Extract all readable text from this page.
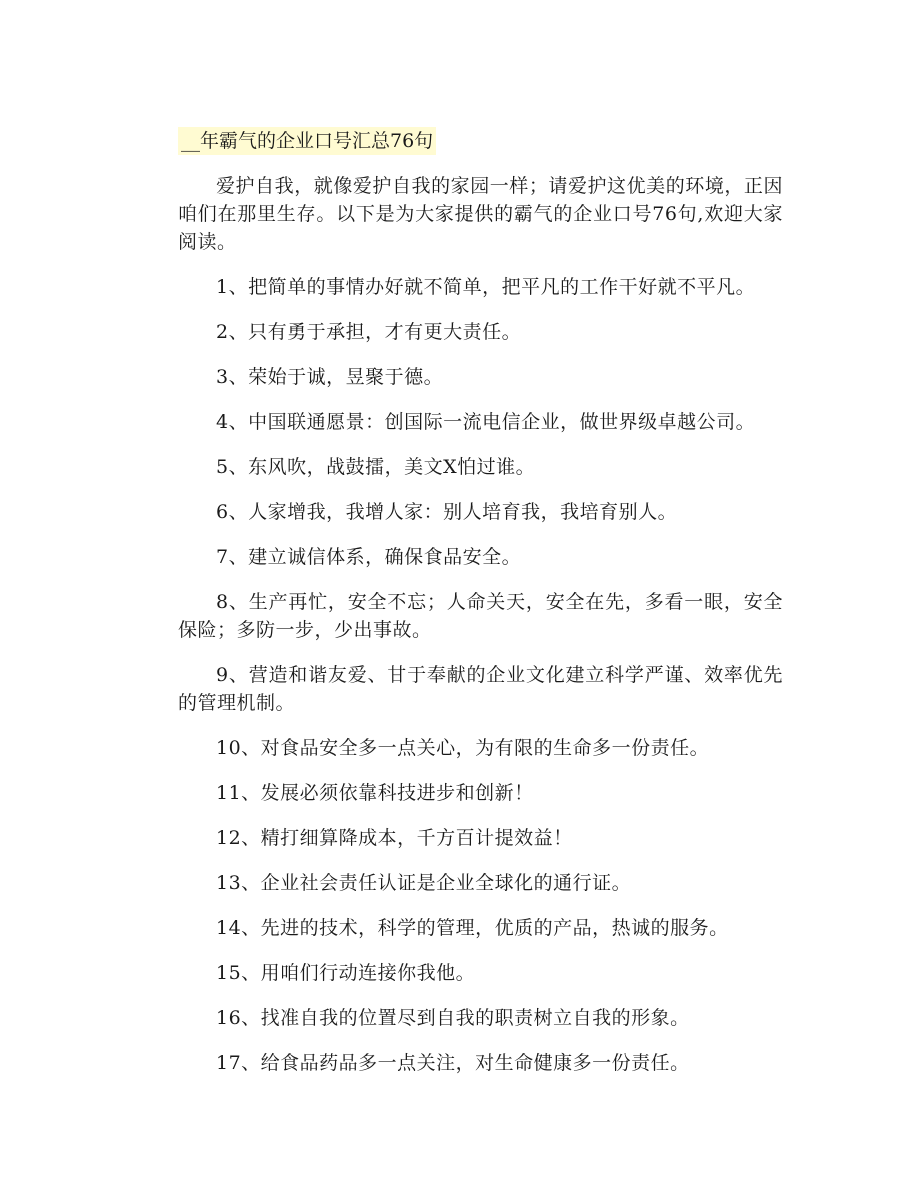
__年霸气的企业口号汇总76句

爱护自我，就像爱护自我的家园一样；请爱护这优美的环境，正因咱们在那里生存。以下是为大家提供的霸气的企业口号76句,欢迎大家阅读。

1、把简单的事情办好就不简单，把平凡的工作干好就不平凡。

2、只有勇于承担，才有更大责任。

3、荣始于诚，昱聚于德。

4、中国联通愿景：创国际一流电信企业，做世界级卓越公司。

5、东风吹，战鼓擂，美文X怕过谁。

6、人家增我，我增人家：别人培育我，我培育别人。

7、建立诚信体系，确保食品安全。

8、生产再忙，安全不忘；人命关天，安全在先，多看一眼，安全保险；多防一步，少出事故。

9、营造和谐友爱、甘于奉献的企业文化建立科学严谨、效率优先的管理机制。

10、对食品安全多一点关心，为有限的生命多一份责任。

11、发展必须依靠科技进步和创新！

12、精打细算降成本，千方百计提效益！

13、企业社会责任认证是企业全球化的通行证。

14、先进的技术，科学的管理，优质的产品，热诚的服务。

15、用咱们行动连接你我他。

16、找准自我的位置尽到自我的职责树立自我的形象。

17、给食品药品多一点关注，对生命健康多一份责任。
